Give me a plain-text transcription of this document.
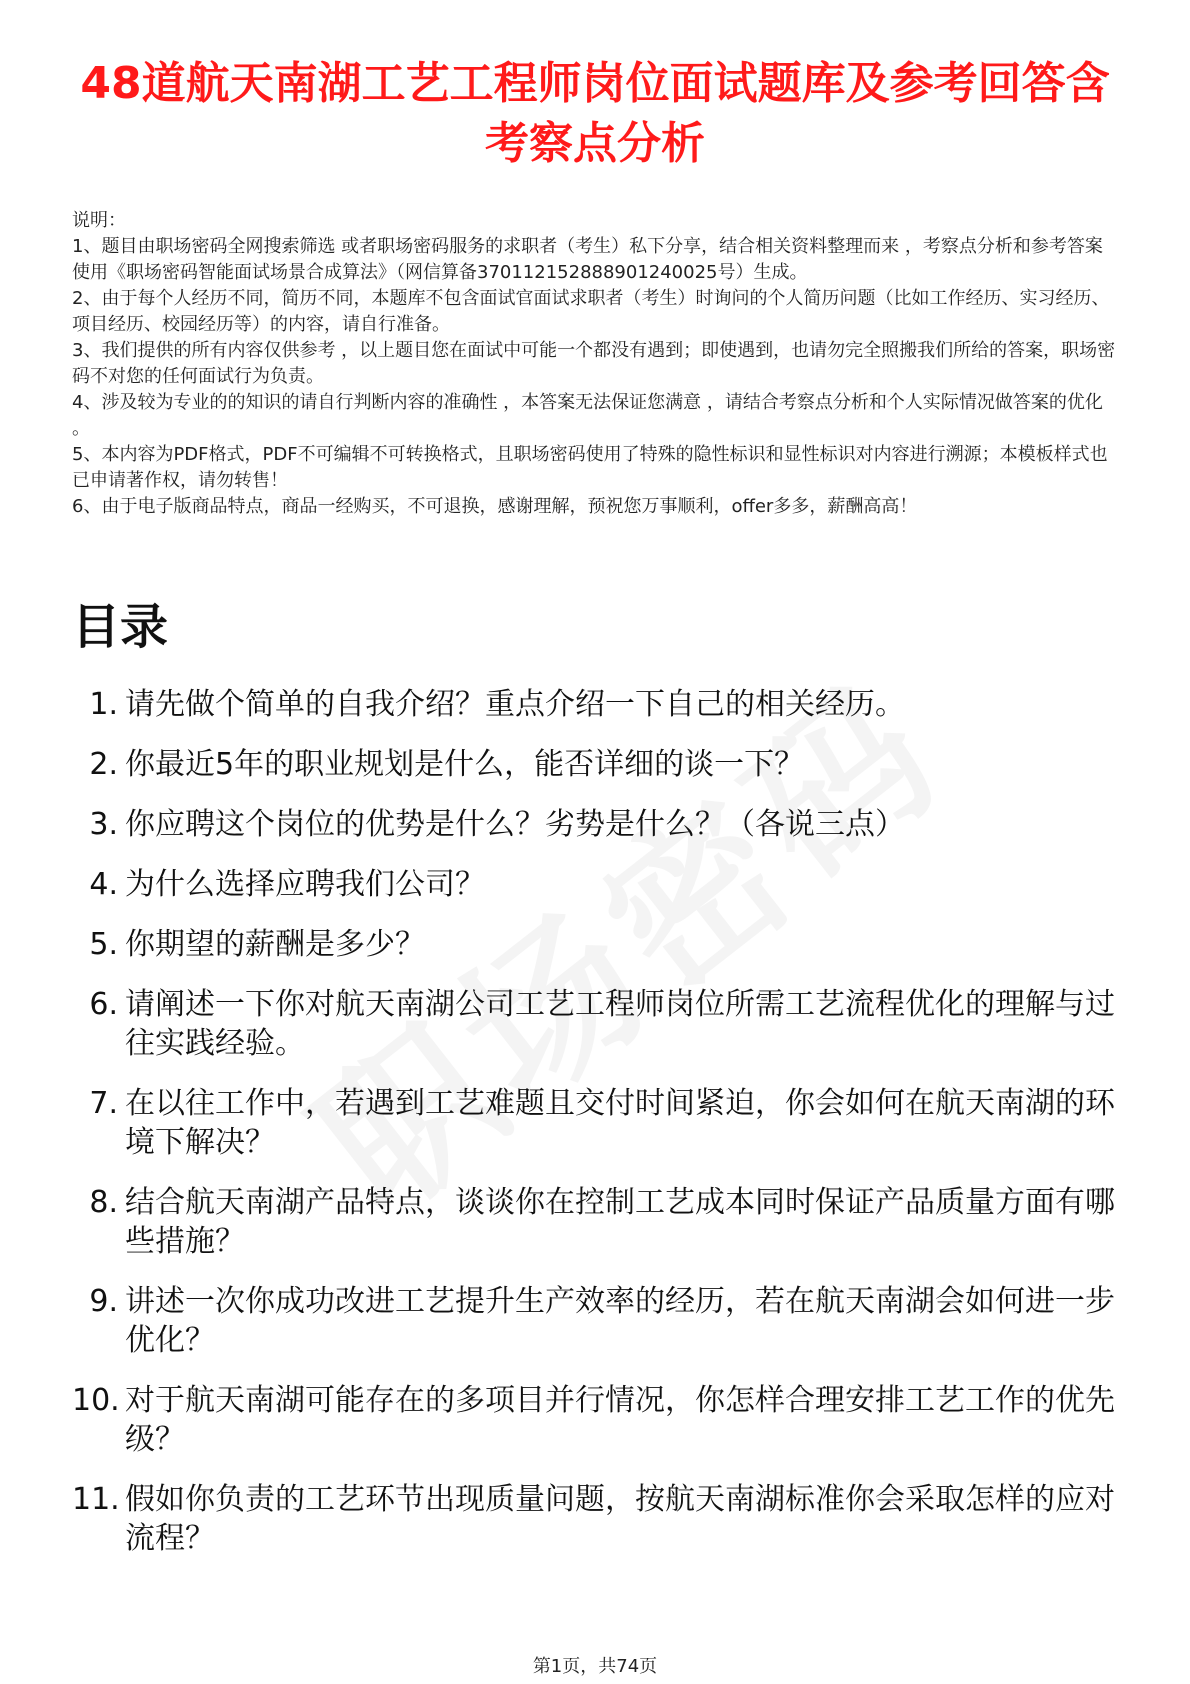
48道航天南湖工艺工程师岗位面试题库及参考回答含考察点分析

说明：

1、题目由职场密码全网搜索筛选 或者职场密码服务的求职者（考生）私下分享，结合相关资料整理而来 ，考察点分析和参考答案使用《职场密码智能面试场景合成算法》（网信算备370112152888901240025号）生成。

2、由于每个人经历不同，简历不同，本题库不包含面试官面试求职者（考生）时询问的个人简历问题（比如工作经历、实习经历、项目经历、校园经历等）的内容，请自行准备。

3、我们提供的所有内容仅供参考 ，以上题目您在面试中可能一个都没有遇到；即使遇到，也请勿完全照搬我们所给的答案，职场密码不对您的任何面试行为负责。

4、涉及较为专业的的知识的请自行判断内容的准确性 ，本答案无法保证您满意 ，请结合考察点分析和个人实际情况做答案的优化 。

5、本内容为PDF格式，PDF不可编辑不可转换格式，且职场密码使用了特殊的隐性标识和显性标识对内容进行溯源；本模板样式也已申请著作权，请勿转售！

6、由于电子版商品特点，商品一经购买，不可退换，感谢理解，预祝您万事顺利，offer多多，薪酬高高！

目录
1. 请先做个简单的自我介绍？重点介绍一下自己的相关经历。
2. 你最近5年的职业规划是什么，能否详细的谈一下？
3. 你应聘这个岗位的优势是什么？劣势是什么？（各说三点）
4. 为什么选择应聘我们公司？
5. 你期望的薪酬是多少？
6. 请阐述一下你对航天南湖公司工艺工程师岗位所需工艺流程优化的理解与过往实践经验。
7. 在以往工作中，若遇到工艺难题且交付时间紧迫，你会如何在航天南湖的环境下解决？
8. 结合航天南湖产品特点，谈谈你在控制工艺成本同时保证产品质量方面有哪些措施？
9. 讲述一次你成功改进工艺提升生产效率的经历，若在航天南湖会如何进一步优化？
10. 对于航天南湖可能存在的多项目并行情况，你怎样合理安排工艺工作的优先级？
11. 假如你负责的工艺环节出现质量问题，按航天南湖标准你会采取怎样的应对流程？
第1页，共74页
